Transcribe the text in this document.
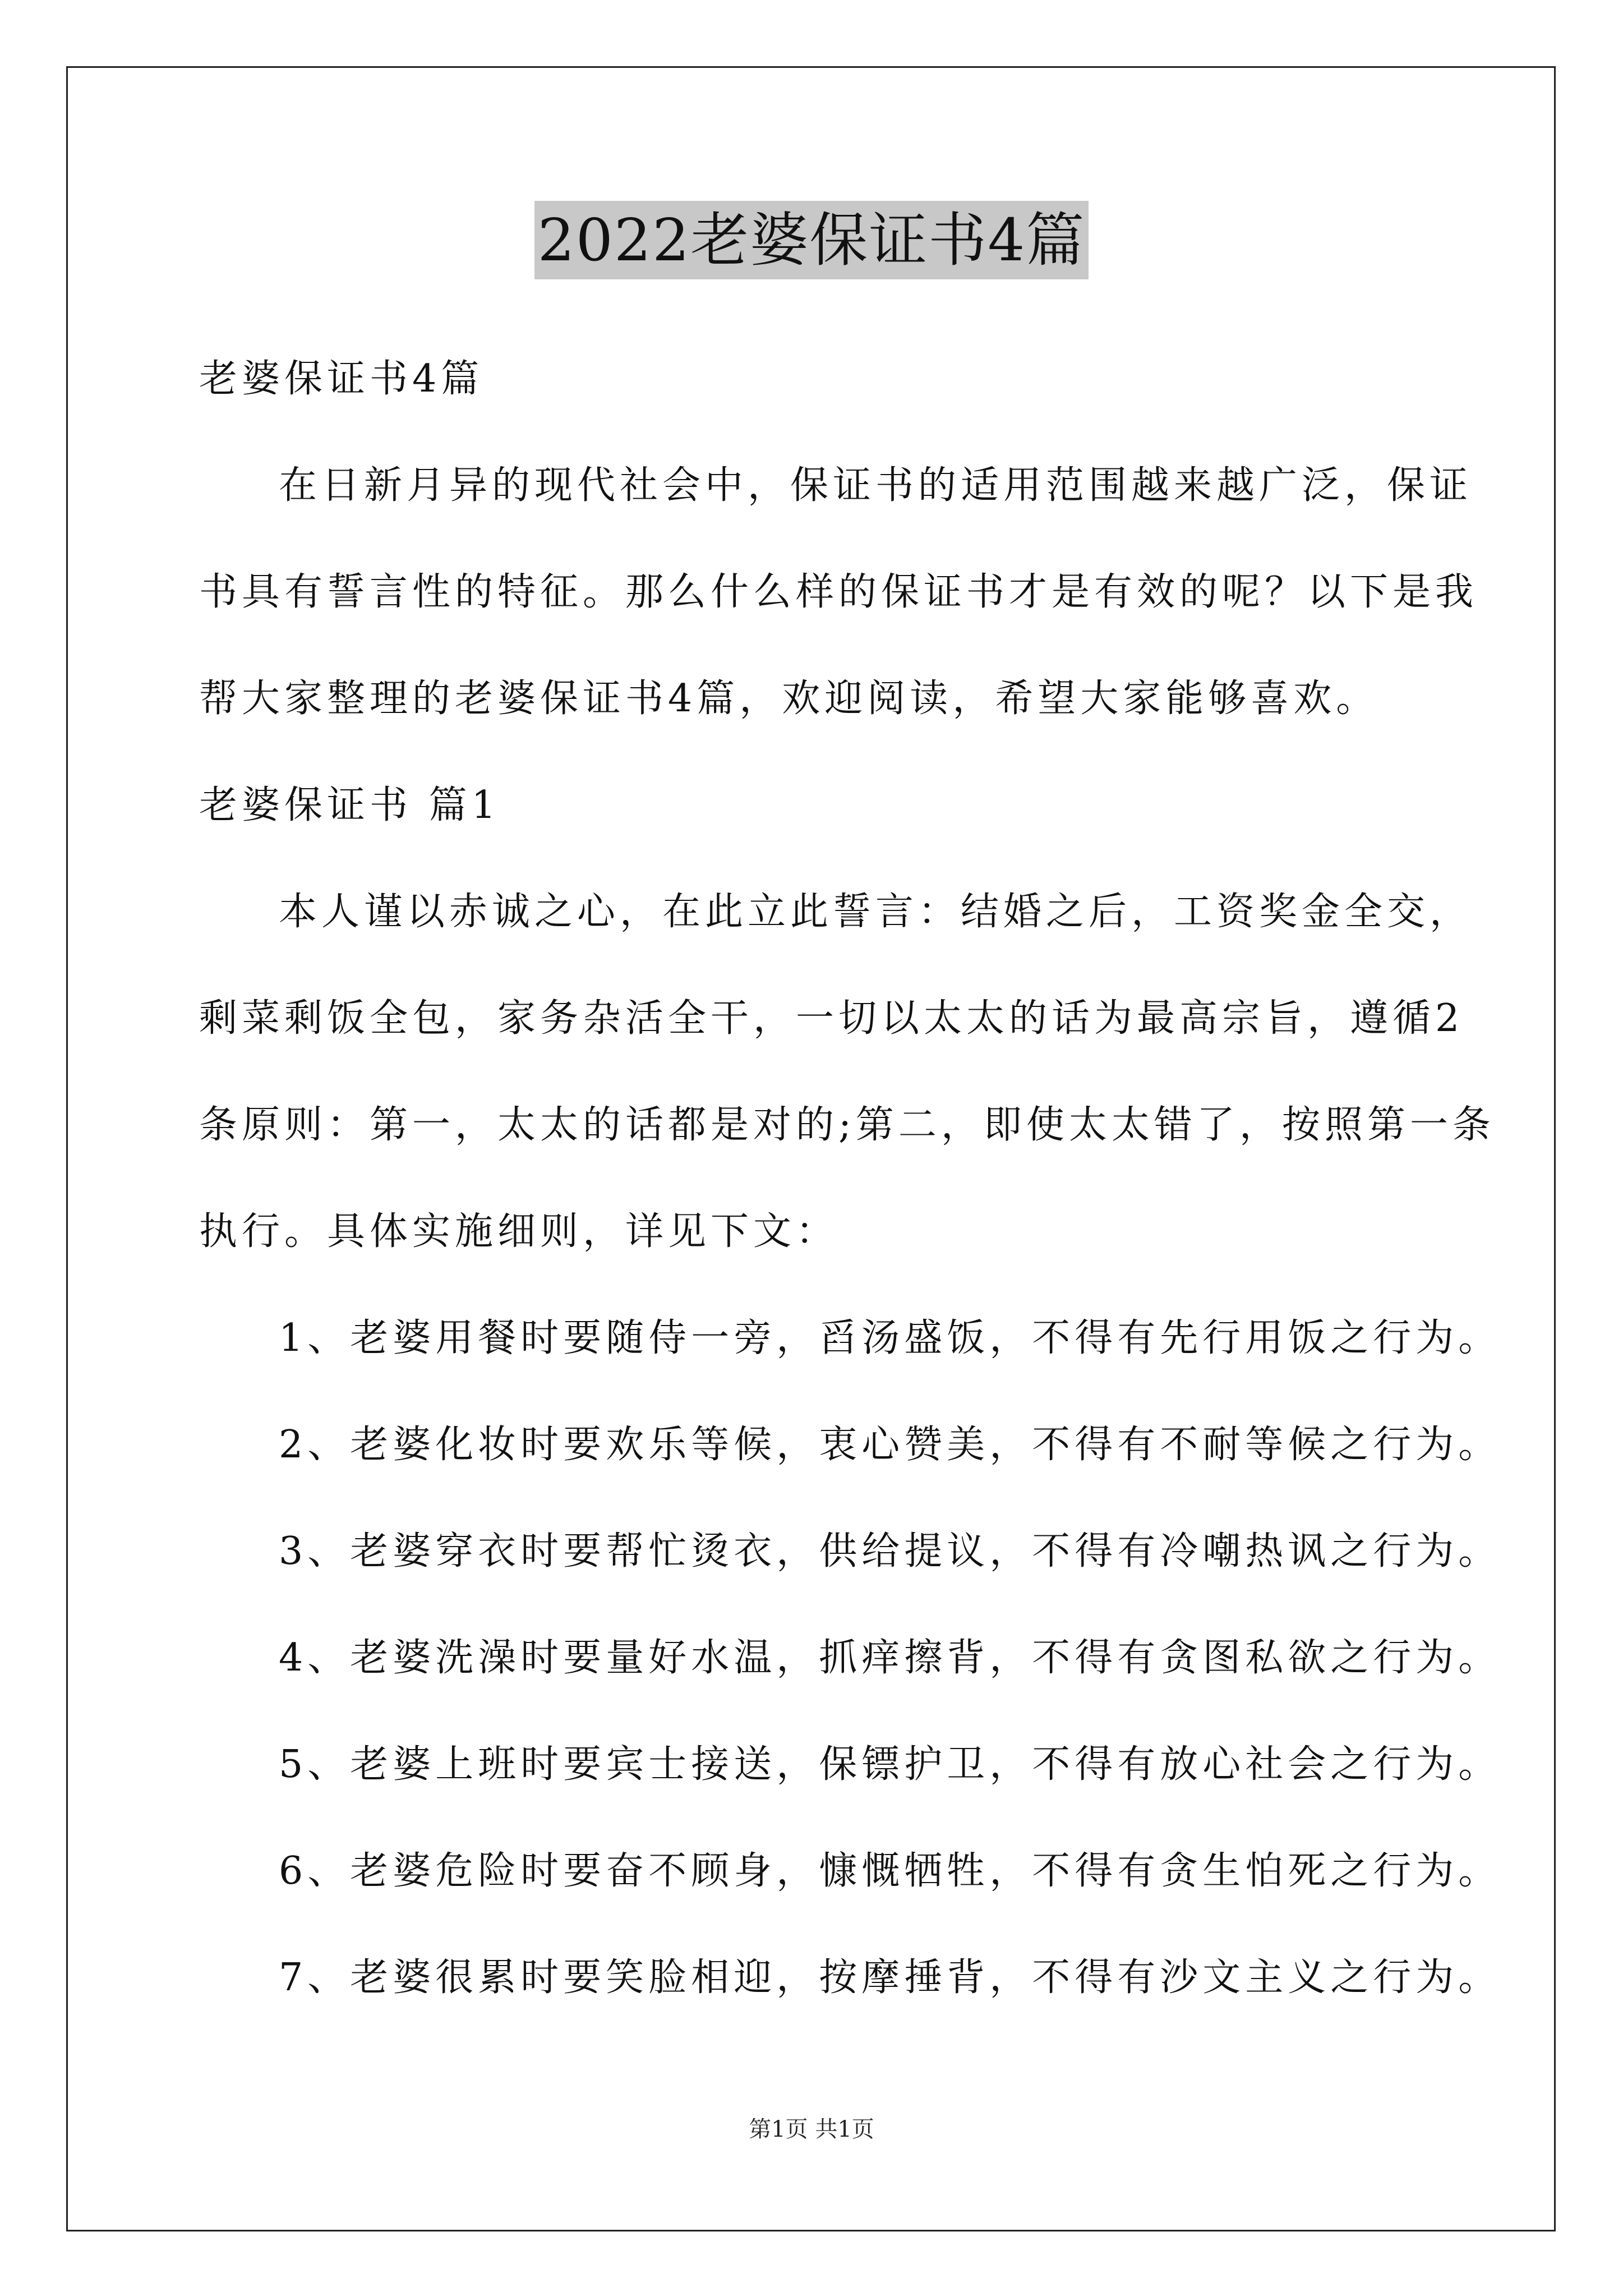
2022老婆保证书4篇
老婆保证书4篇
在日新月异的现代社会中，保证书的适用范围越来越广泛，保证
书具有誓言性的特征。那么什么样的保证书才是有效的呢？以下是我
帮大家整理的老婆保证书4篇，欢迎阅读，希望大家能够喜欢。
老婆保证书 篇1
本人谨以赤诚之心，在此立此誓言：结婚之后，工资奖金全交，
剩菜剩饭全包，家务杂活全干，一切以太太的话为最高宗旨，遵循2
条原则：第一，太太的话都是对的;第二，即使太太错了，按照第一条
执行。具体实施细则，详见下文：
1、老婆用餐时要随侍一旁，舀汤盛饭，不得有先行用饭之行为。
2、老婆化妆时要欢乐等候，衷心赞美，不得有不耐等候之行为。
3、老婆穿衣时要帮忙烫衣，供给提议，不得有冷嘲热讽之行为。
4、老婆洗澡时要量好水温，抓痒擦背，不得有贪图私欲之行为。
5、老婆上班时要宾士接送，保镖护卫，不得有放心社会之行为。
6、老婆危险时要奋不顾身，慷慨牺牲，不得有贪生怕死之行为。
7、老婆很累时要笑脸相迎，按摩捶背，不得有沙文主义之行为。
第1页 共1页
